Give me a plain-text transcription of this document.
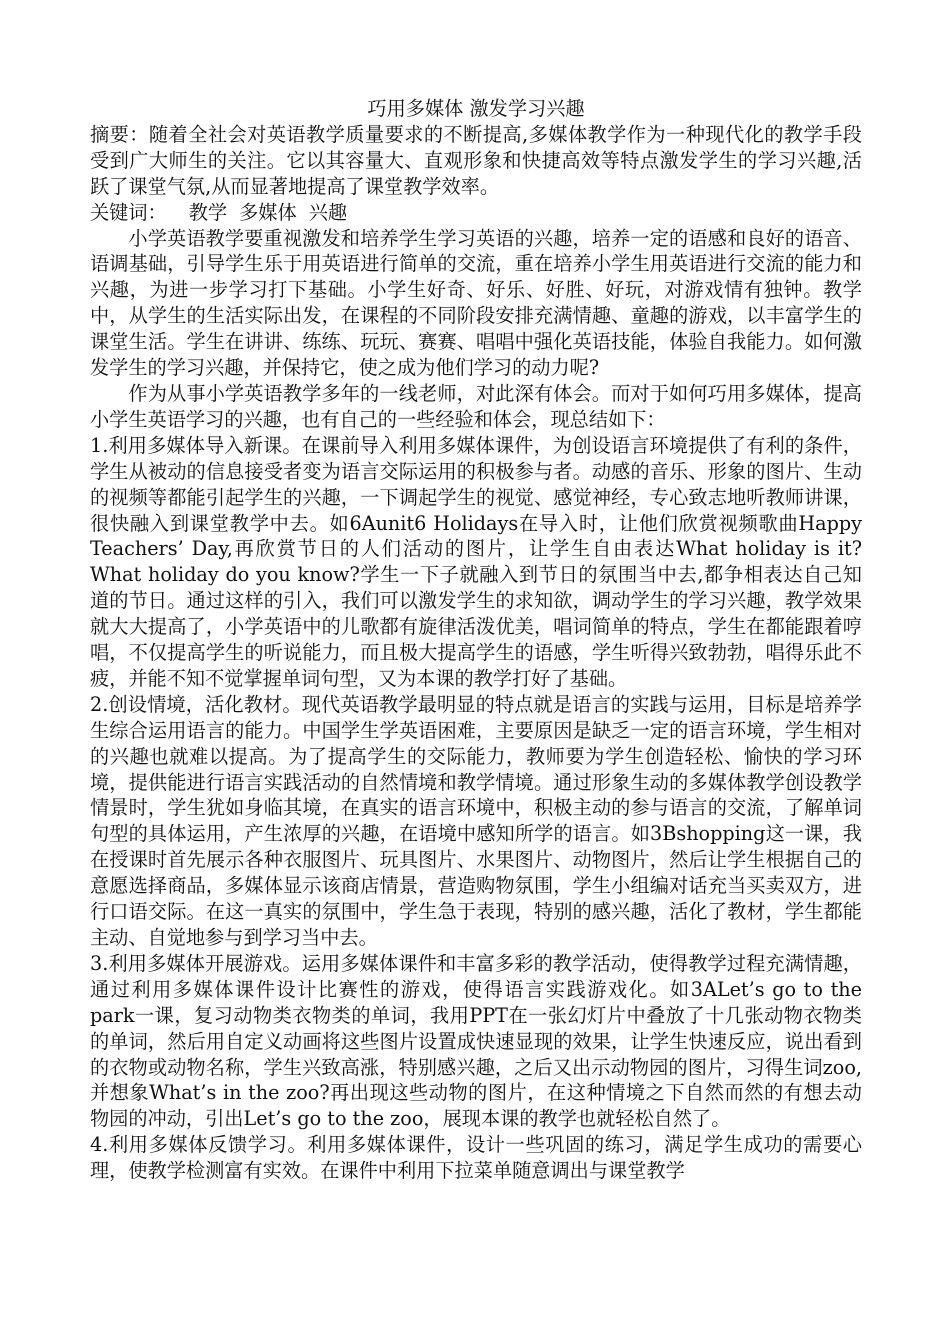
巧用多媒体 激发学习兴趣

摘要：随着全社会对英语教学质量要求的不断提高,多媒体教学作为一种现代化的教学手段受到广大师生的关注。它以其容量大、直观形象和快捷高效等特点激发学生的学习兴趣,活跃了课堂气氛,从而显著地提高了课堂教学效率。

关键词： 教学 多媒体 兴趣

小学英语教学要重视激发和培养学生学习英语的兴趣，培养一定的语感和良好的语音、语调基础，引导学生乐于用英语进行简单的交流，重在培养小学生用英语进行交流的能力和兴趣，为进一步学习打下基础。小学生好奇、好乐、好胜、好玩，对游戏情有独钟。教学中，从学生的生活实际出发，在课程的不同阶段安排充满情趣、童趣的游戏，以丰富学生的课堂生活。学生在讲讲、练练、玩玩、赛赛、唱唱中强化英语技能，体验自我能力。如何激发学生的学习兴趣，并保持它，使之成为他们学习的动力呢?

作为从事小学英语教学多年的一线老师，对此深有体会。而对于如何巧用多媒体，提高小学生英语学习的兴趣，也有自己的一些经验和体会，现总结如下：

1.利用多媒体导入新课。在课前导入利用多媒体课件，为创设语言环境提供了有利的条件，学生从被动的信息接受者变为语言交际运用的积极参与者。动感的音乐、形象的图片、生动的视频等都能引起学生的兴趣，一下调起学生的视觉、感觉神经，专心致志地听教师讲课，很快融入到课堂教学中去。如6Aunit6 Holidays在导入时，让他们欣赏视频歌曲Happy Teachers’ Day,再欣赏节日的人们活动的图片，让学生自由表达What holiday is it?What holiday do you know?学生一下子就融入到节日的氛围当中去,都争相表达自己知道的节日。通过这样的引入，我们可以激发学生的求知欲，调动学生的学习兴趣，教学效果就大大提高了，小学英语中的儿歌都有旋律活泼优美，唱词简单的特点，学生在都能跟着哼唱，不仅提高学生的听说能力，而且极大提高学生的语感，学生听得兴致勃勃，唱得乐此不疲，并能不知不觉掌握单词句型，又为本课的教学打好了基础。

2.创设情境，活化教材。现代英语教学最明显的特点就是语言的实践与运用，目标是培养学生综合运用语言的能力。中国学生学英语困难，主要原因是缺乏一定的语言环境，学生相对的兴趣也就难以提高。为了提高学生的交际能力，教师要为学生创造轻松、愉快的学习环境，提供能进行语言实践活动的自然情境和教学情境。通过形象生动的多媒体教学创设教学情景时，学生犹如身临其境，在真实的语言环境中，积极主动的参与语言的交流，了解单词句型的具体运用，产生浓厚的兴趣，在语境中感知所学的语言。如3Bshopping这一课，我在授课时首先展示各种衣服图片、玩具图片、水果图片、动物图片，然后让学生根据自己的意愿选择商品，多媒体显示该商店情景，营造购物氛围，学生小组编对话充当买卖双方，进行口语交际。在这一真实的氛围中，学生急于表现，特别的感兴趣，活化了教材，学生都能主动、自觉地参与到学习当中去。

3.利用多媒体开展游戏。运用多媒体课件和丰富多彩的教学活动，使得教学过程充满情趣，通过利用多媒体课件设计比赛性的游戏，使得语言实践游戏化。如3ALet’s go to the park一课，复习动物类衣物类的单词，我用PPT在一张幻灯片中叠放了十几张动物衣物类的单词，然后用自定义动画将这些图片设置成快速显现的效果，让学生快速反应，说出看到的衣物或动物名称，学生兴致高涨，特别感兴趣，之后又出示动物园的图片，习得生词zoo,并想象What’s in the zoo?再出现这些动物的图片，在这种情境之下自然而然的有想去动物园的冲动，引出Let’s go to the zoo，展现本课的教学也就轻松自然了。

4.利用多媒体反馈学习。利用多媒体课件，设计一些巩固的练习，满足学生成功的需要心理，使教学检测富有实效。在课件中利用下拉菜单随意调出与课堂教学
